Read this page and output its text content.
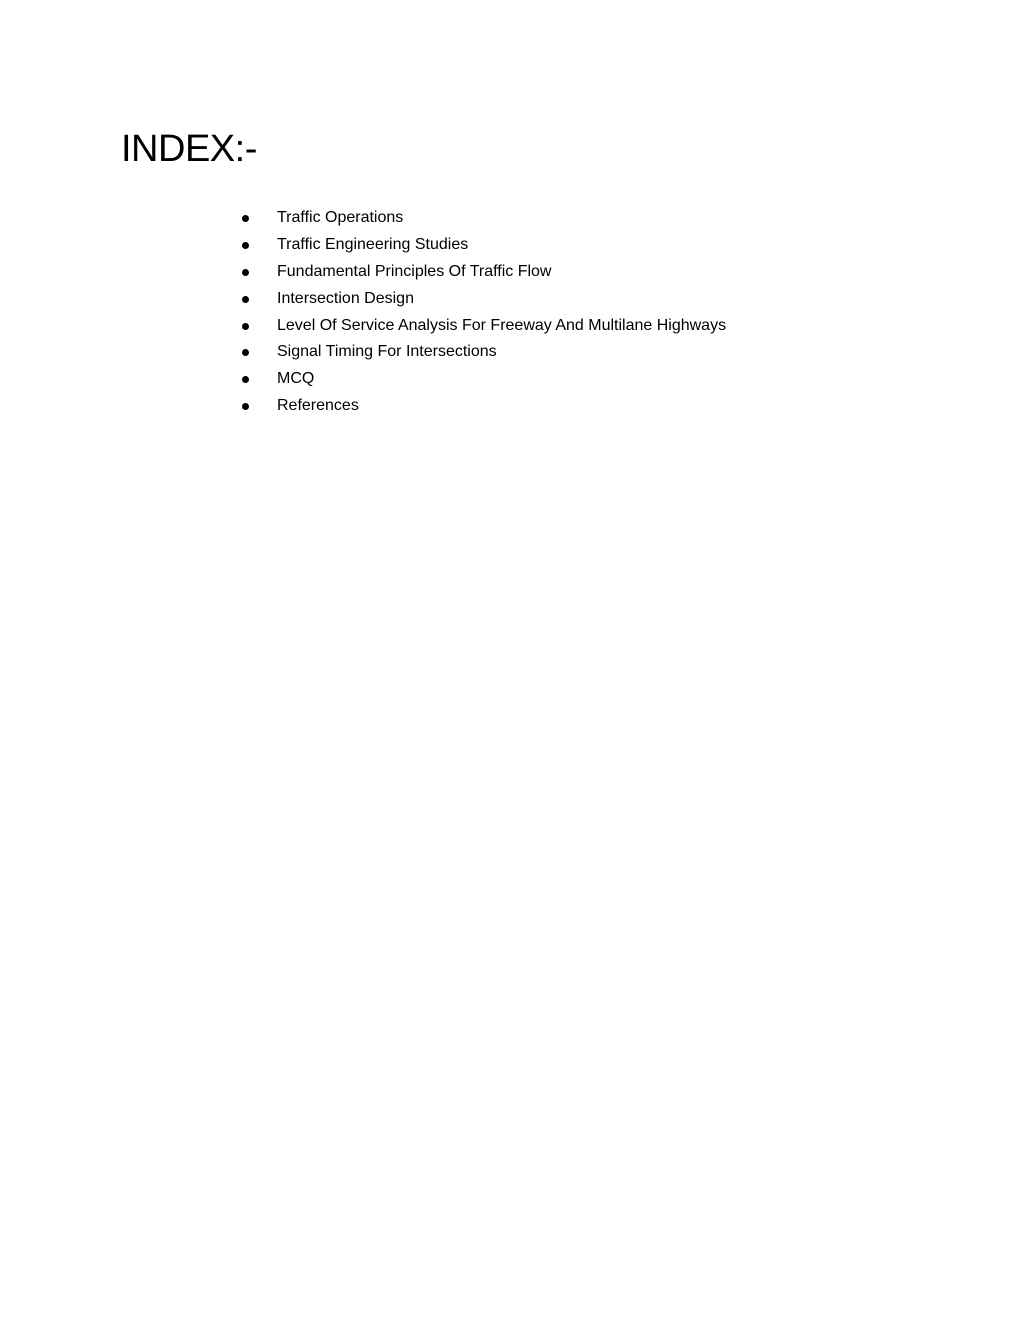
INDEX:-
Traffic Operations
Traffic Engineering Studies
Fundamental Principles Of Traffic Flow
Intersection Design
Level Of Service Analysis For Freeway And Multilane Highways
Signal Timing For Intersections
MCQ
References
